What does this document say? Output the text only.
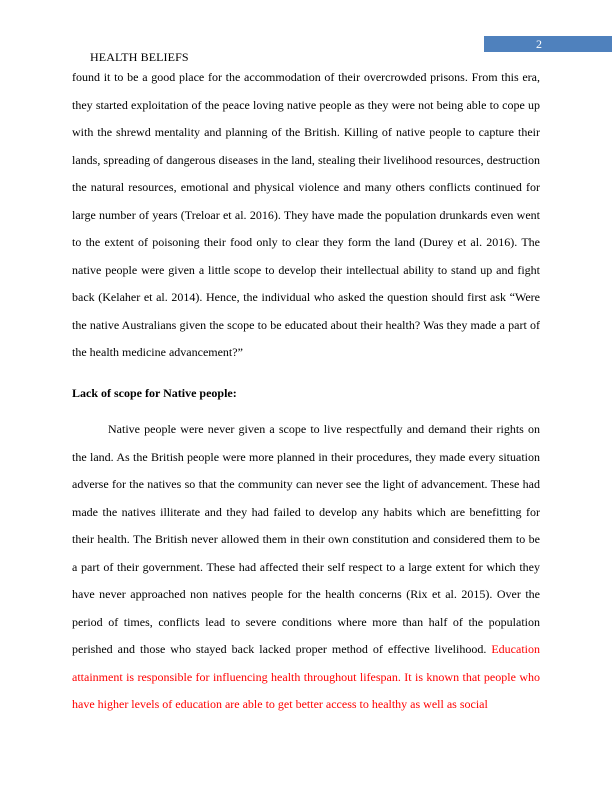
2
HEALTH BELIEFS

found it to be a good place for the accommodation of their overcrowded prisons. From this era, they started exploitation of the peace loving native people as they were not being able to cope up with the shrewd mentality and planning of the British. Killing of native people to capture their lands, spreading of dangerous diseases in the land, stealing their livelihood resources, destruction the natural resources, emotional and physical violence and many others conflicts continued for large number of years (Treloar et al. 2016). They have made the population drunkards even went to the extent of poisoning their food only to clear they form the land (Durey et al. 2016). The native people were given a little scope to develop their intellectual ability to stand up and fight back (Kelaher et al. 2014). Hence, the individual who asked the question should first ask “Were the native Australians given the scope to be educated about their health? Was they made a part of the health medicine advancement?”

Lack of scope for Native people:

Native people were never given a scope to live respectfully and demand their rights on the land. As the British people were more planned in their procedures, they made every situation adverse for the natives so that the community can never see the light of advancement. These had made the natives illiterate and they had failed to develop any habits which are benefitting for their health. The British never allowed them in their own constitution and considered them to be a part of their government. These had affected their self respect to a large extent for which they have never approached non natives people for the health concerns (Rix et al. 2015). Over the period of times, conflicts lead to severe conditions where more than half of the population perished and those who stayed back lacked proper method of effective livelihood. Education attainment is responsible for influencing health throughout lifespan. It is known that people who have higher levels of education are able to get better access to healthy as well as social
